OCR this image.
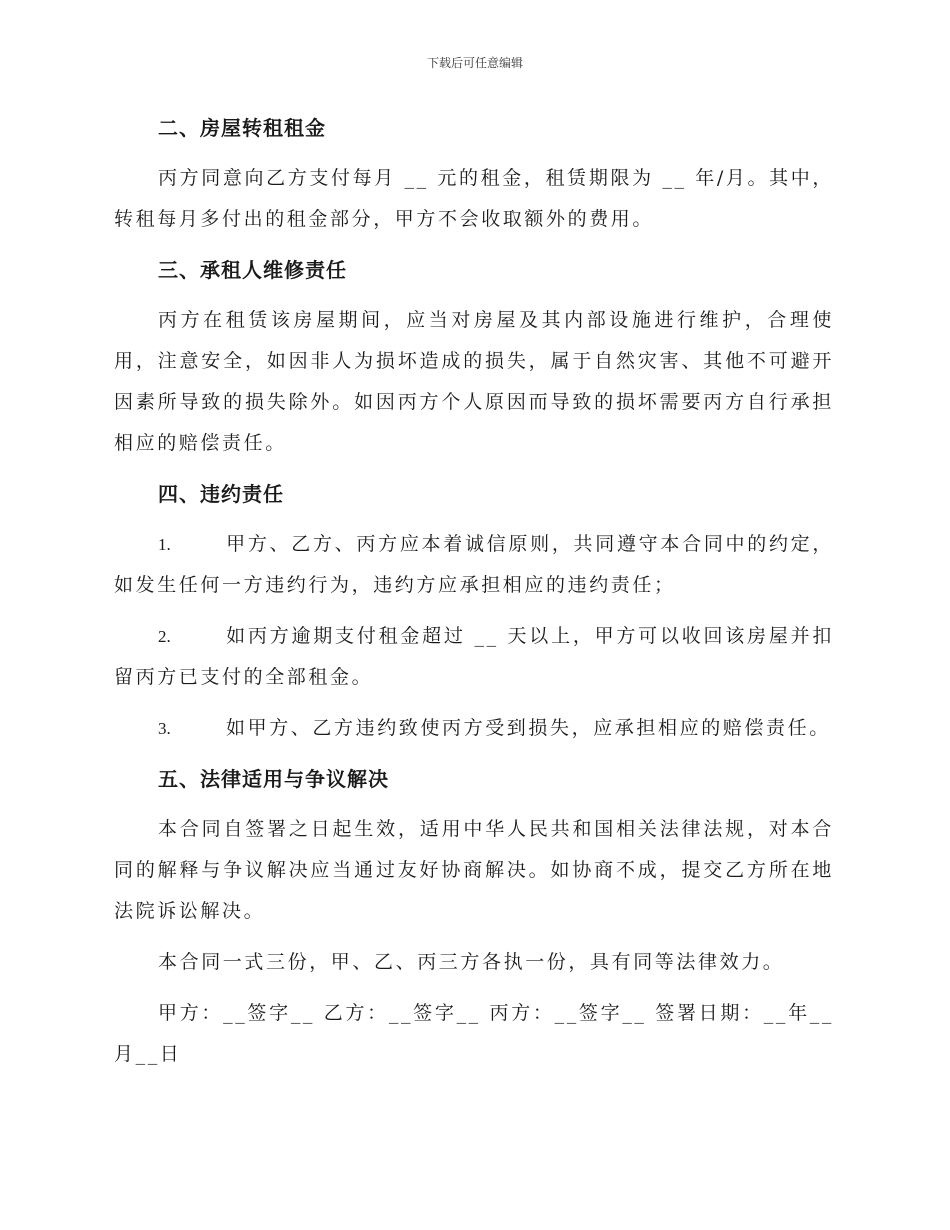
下载后可任意编辑
二、房屋转租租金

丙方同意向乙方支付每月 __ 元的租金，租赁期限为 __ 年/月。其中，转租每月多付出的租金部分，甲方不会收取额外的费用。

三、承租人维修责任

丙方在租赁该房屋期间，应当对房屋及其内部设施进行维护，合理使用，注意安全，如因非人为损坏造成的损失，属于自然灾害、其他不可避开因素所导致的损失除外。如因丙方个人原因而导致的损坏需要丙方自行承担相应的赔偿责任。

四、违约责任

1.	甲方、乙方、丙方应本着诚信原则，共同遵守本合同中的约定，如发生任何一方违约行为，违约方应承担相应的违约责任；

2.	如丙方逾期支付租金超过 __ 天以上，甲方可以收回该房屋并扣留丙方已支付的全部租金。

3.	如甲方、乙方违约致使丙方受到损失，应承担相应的赔偿责任。

五、法律适用与争议解决

本合同自签署之日起生效，适用中华人民共和国相关法律法规，对本合同的解释与争议解决应当通过友好协商解决。如协商不成，提交乙方所在地法院诉讼解决。

本合同一式三份，甲、乙、丙三方各执一份，具有同等法律效力。

甲方：__签字__ 乙方：__签字__ 丙方：__签字__ 签署日期：__年__月__日
